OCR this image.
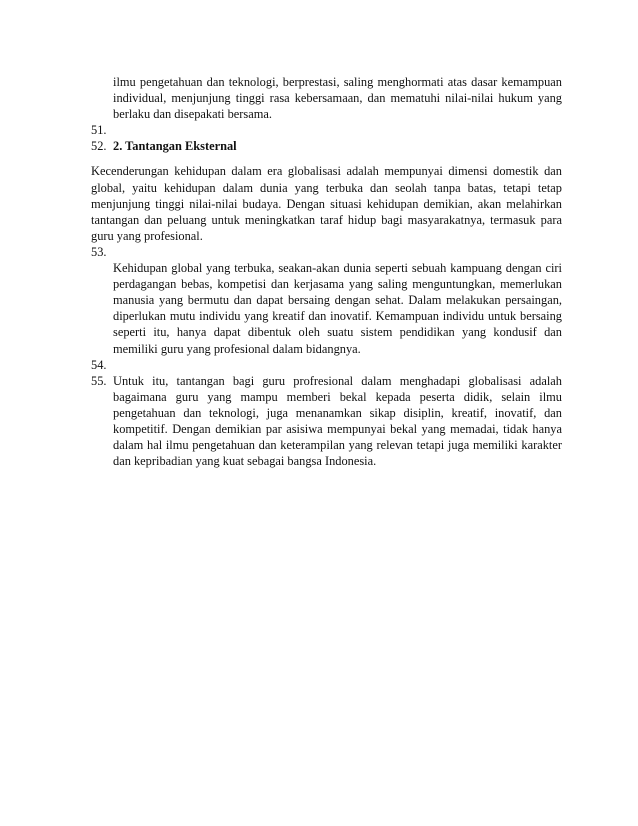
ilmu pengetahuan dan teknologi, berprestasi, saling menghormati atas dasar kemampuan individual, menjunjung tinggi rasa kebersamaan, dan mematuhi nilai-nilai hukum yang berlaku dan disepakati bersama.
51.
52. 2. Tantangan Eksternal
Kecenderungan kehidupan dalam era globalisasi adalah mempunyai dimensi domestik dan global, yaitu kehidupan dalam dunia yang terbuka dan seolah tanpa batas, tetapi tetap menjunjung tinggi nilai-nilai budaya. Dengan situasi kehidupan demikian, akan melahirkan tantangan dan peluang untuk meningkatkan taraf hidup bagi masyarakatnya, termasuk para guru yang profesional.
53.
Kehidupan global yang terbuka, seakan-akan dunia seperti sebuah kampuang dengan ciri perdagangan bebas, kompetisi dan kerjasama yang saling menguntungkan, memerlukan manusia yang bermutu dan dapat bersaing dengan sehat. Dalam melakukan persaingan, diperlukan mutu individu yang kreatif dan inovatif. Kemampuan individu untuk bersaing seperti itu, hanya dapat dibentuk oleh suatu sistem pendidikan yang kondusif dan memiliki guru yang profesional dalam bidangnya.
54.
55. Untuk itu, tantangan bagi guru profresional dalam menghadapi globalisasi adalah bagaimana guru yang mampu memberi bekal kepada peserta didik, selain ilmu pengetahuan dan teknologi, juga menanamkan sikap disiplin, kreatif, inovatif, dan kompetitif. Dengan demikian par asisiwa mempunyai bekal yang memadai, tidak hanya dalam hal ilmu pengetahuan dan keterampilan yang relevan tetapi juga memiliki karakter dan kepribadian yang kuat sebagai bangsa Indonesia.
